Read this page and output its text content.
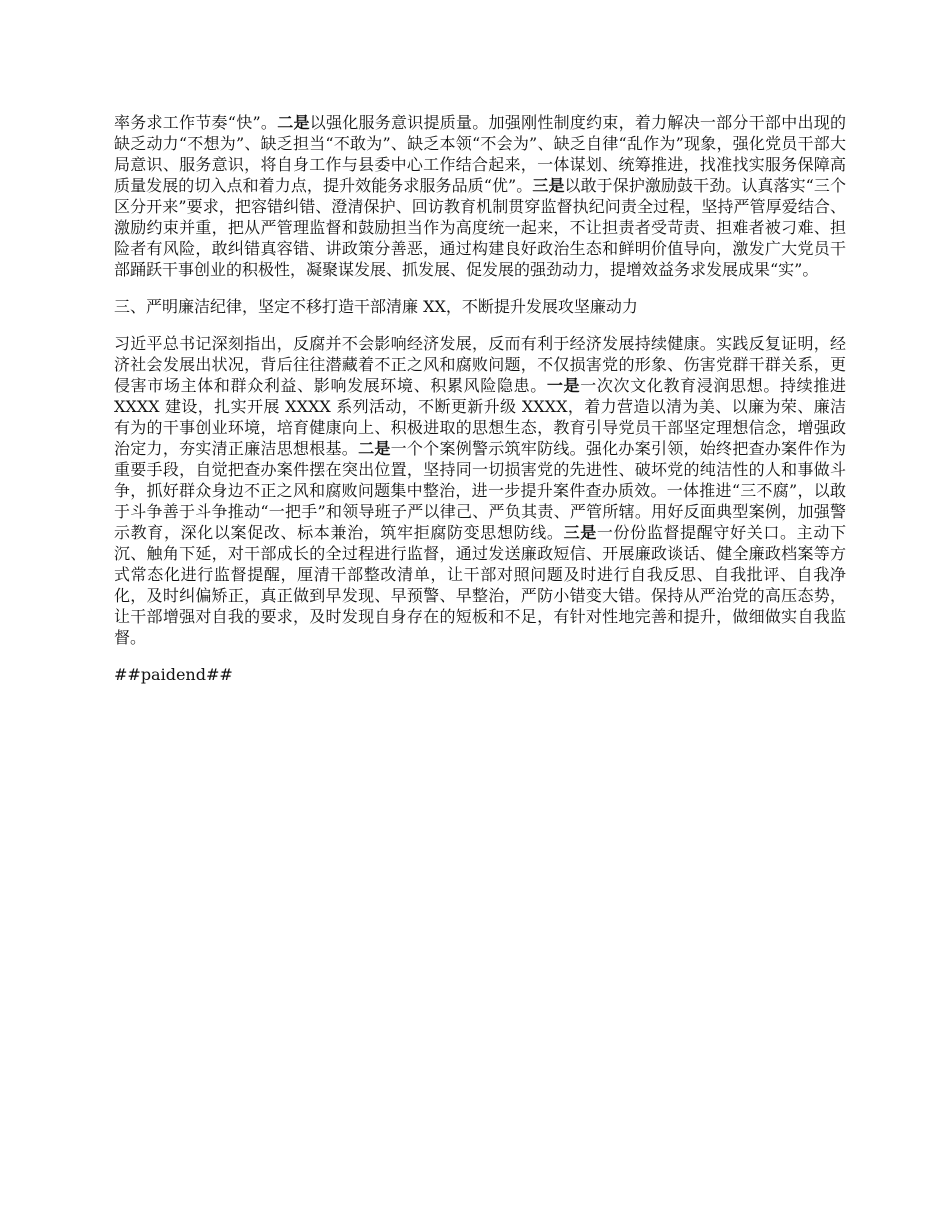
率务求工作节奏“快”。二是以强化服务意识提质量。加强刚性制度约束，着力解决一部分干部中出现的缺乏动力“不想为”、缺乏担当“不敢为”、缺乏本领“不会为”、缺乏自律“乱作为”现象，强化党员干部大局意识、服务意识，将自身工作与县委中心工作结合起来，一体谋划、统筹推进，找准找实服务保障高质量发展的切入点和着力点，提升效能务求服务品质“优”。三是以敢于保护激励鼓干劲。认真落实“三个区分开来”要求，把容错纠错、澄清保护、回访教育机制贯穿监督执纪问责全过程，坚持严管厚爱结合、激励约束并重，把从严管理监督和鼓励担当作为高度统一起来，不让担责者受苛责、担难者被刁难、担险者有风险，敢纠错真容错、讲政策分善恶，通过构建良好政治生态和鲜明价值导向，激发广大党员干部踊跃干事创业的积极性，凝聚谋发展、抓发展、促发展的强劲动力，提增效益务求发展成果“实”。

三、严明廉洁纪律，坚定不移打造干部清廉 XX，不断提升发展攻坚廉动力

习近平总书记深刻指出，反腐并不会影响经济发展，反而有利于经济发展持续健康。实践反复证明，经济社会发展出状况，背后往往潜藏着不正之风和腐败问题，不仅损害党的形象、伤害党群干群关系，更侵害市场主体和群众利益、影响发展环境、积累风险隐患。一是一次次文化教育浸润思想。持续推进 XXXX 建设，扎实开展 XXXX 系列活动，不断更新升级 XXXX，着力营造以清为美、以廉为荣、廉洁有为的干事创业环境，培育健康向上、积极进取的思想生态，教育引导党员干部坚定理想信念，增强政治定力，夯实清正廉洁思想根基。二是一个个案例警示筑牢防线。强化办案引领，始终把查办案件作为重要手段，自觉把查办案件摆在突出位置，坚持同一切损害党的先进性、破坏党的纯洁性的人和事做斗争，抓好群众身边不正之风和腐败问题集中整治，进一步提升案件查办质效。一体推进“三不腐”，以敢于斗争善于斗争推动“一把手”和领导班子严以律己、严负其责、严管所辖。用好反面典型案例，加强警示教育，深化以案促改、标本兼治，筑牢拒腐防变思想防线。三是一份份监督提醒守好关口。主动下沉、触角下延，对干部成长的全过程进行监督，通过发送廉政短信、开展廉政谈话、健全廉政档案等方式常态化进行监督提醒，厘清干部整改清单，让干部对照问题及时进行自我反思、自我批评、自我净化，及时纠偏矫正，真正做到早发现、早预警、早整治，严防小错变大错。保持从严治党的高压态势，让干部增强对自我的要求，及时发现自身存在的短板和不足，有针对性地完善和提升，做细做实自我监督。

##paidend##
